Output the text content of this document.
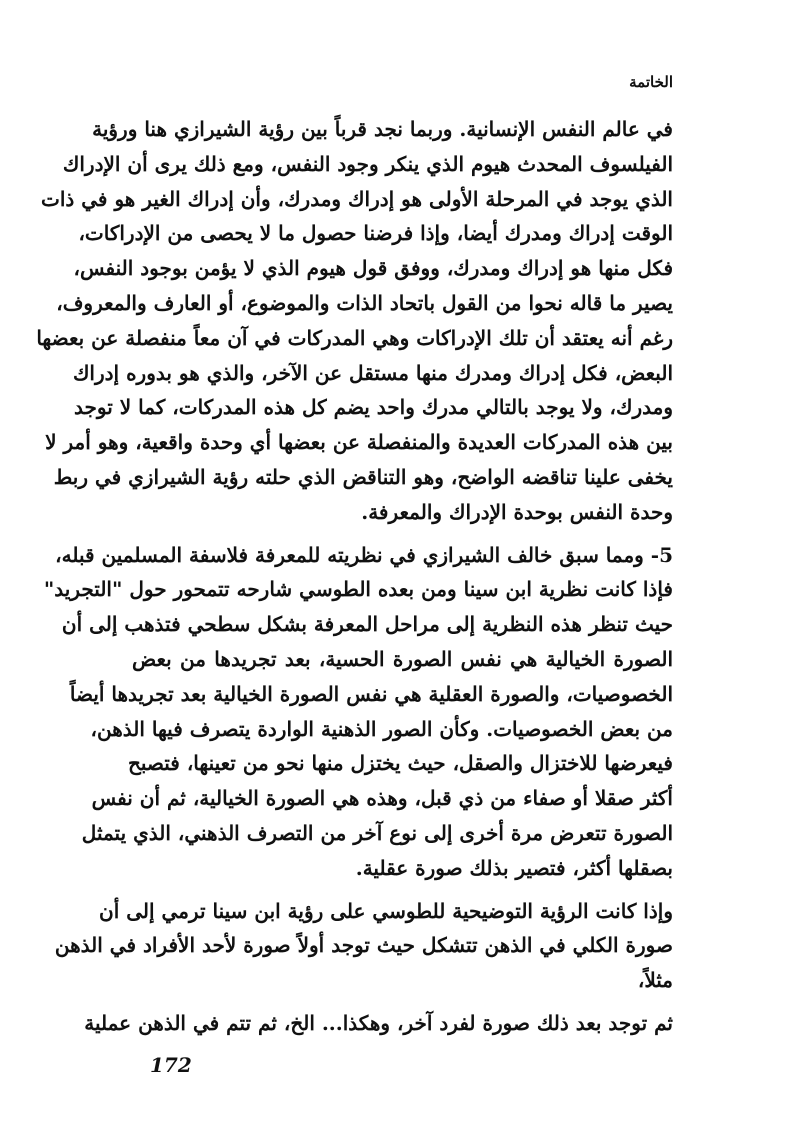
الخاتمة
في عالم النفس الإنسانية. وربما نجد قرباً بين رؤية الشيرازي هنا ورؤية
الفيلسوف المحدث هيوم الذي ينكر وجود النفس، ومع ذلك يرى أن الإدراك
الذي يوجد في المرحلة الأولى هو إدراك ومدرك، وأن إدراك الغير هو في ذات
الوقت إدراك ومدرك أيضا، وإذا فرضنا حصول ما لا يحصى من الإدراكات،
فكل منها هو إدراك ومدرك، ووفق قول هيوم الذي لا يؤمن بوجود النفس،
يصير ما قاله نحوا من القول باتحاد الذات والموضوع، أو العارف والمعروف،
رغم أنه يعتقد أن تلك الإدراكات وهي المدركات في آن معاً منفصلة عن بعضها
البعض، فكل إدراك ومدرك منها مستقل عن الآخر، والذي هو بدوره إدراك
ومدرك، ولا يوجد بالتالي مدرك واحد يضم كل هذه المدركات، كما لا توجد
بين هذه المدركات العديدة والمنفصلة عن بعضها أي وحدة واقعية، وهو أمر لا
يخفى علينا تناقضه الواضح، وهو التناقض الذي حلته رؤية الشيرازي في ربط
وحدة النفس بوحدة الإدراك والمعرفة.
5- ومما سبق خالف الشيرازي في نظريته للمعرفة فلاسفة المسلمين قبله،
فإذا كانت نظرية ابن سينا ومن بعده الطوسي شارحه تتمحور حول "التجريد"
حيث تنظر هذه النظرية إلى مراحل المعرفة بشكل سطحي فتذهب إلى أن
الصورة الخيالية هي نفس الصورة الحسية، بعد تجريدها من بعض
الخصوصيات، والصورة العقلية هي نفس الصورة الخيالية بعد تجريدها أيضاً
من بعض الخصوصيات. وكأن الصور الذهنية الواردة يتصرف فيها الذهن،
فيعرضها للاختزال والصقل، حيث يختزل منها نحو من تعينها، فتصبح
أكثر صقلا أو صفاء من ذي قبل، وهذه هي الصورة الخيالية، ثم أن نفس
الصورة تتعرض مرة أخرى إلى نوع آخر من التصرف الذهني، الذي يتمثل
بصقلها أكثر، فتصير بذلك صورة عقلية.
وإذا كانت الرؤية التوضيحية للطوسي على رؤية ابن سينا ترمي إلى أن
صورة الكلي في الذهن تتشكل حيث توجد أولاً صورة لأحد الأفراد في الذهن
مثلاً،
ثم توجد بعد ذلك صورة لفرد آخر، وهكذا... الخ، ثم تتم في الذهن عملية
172
